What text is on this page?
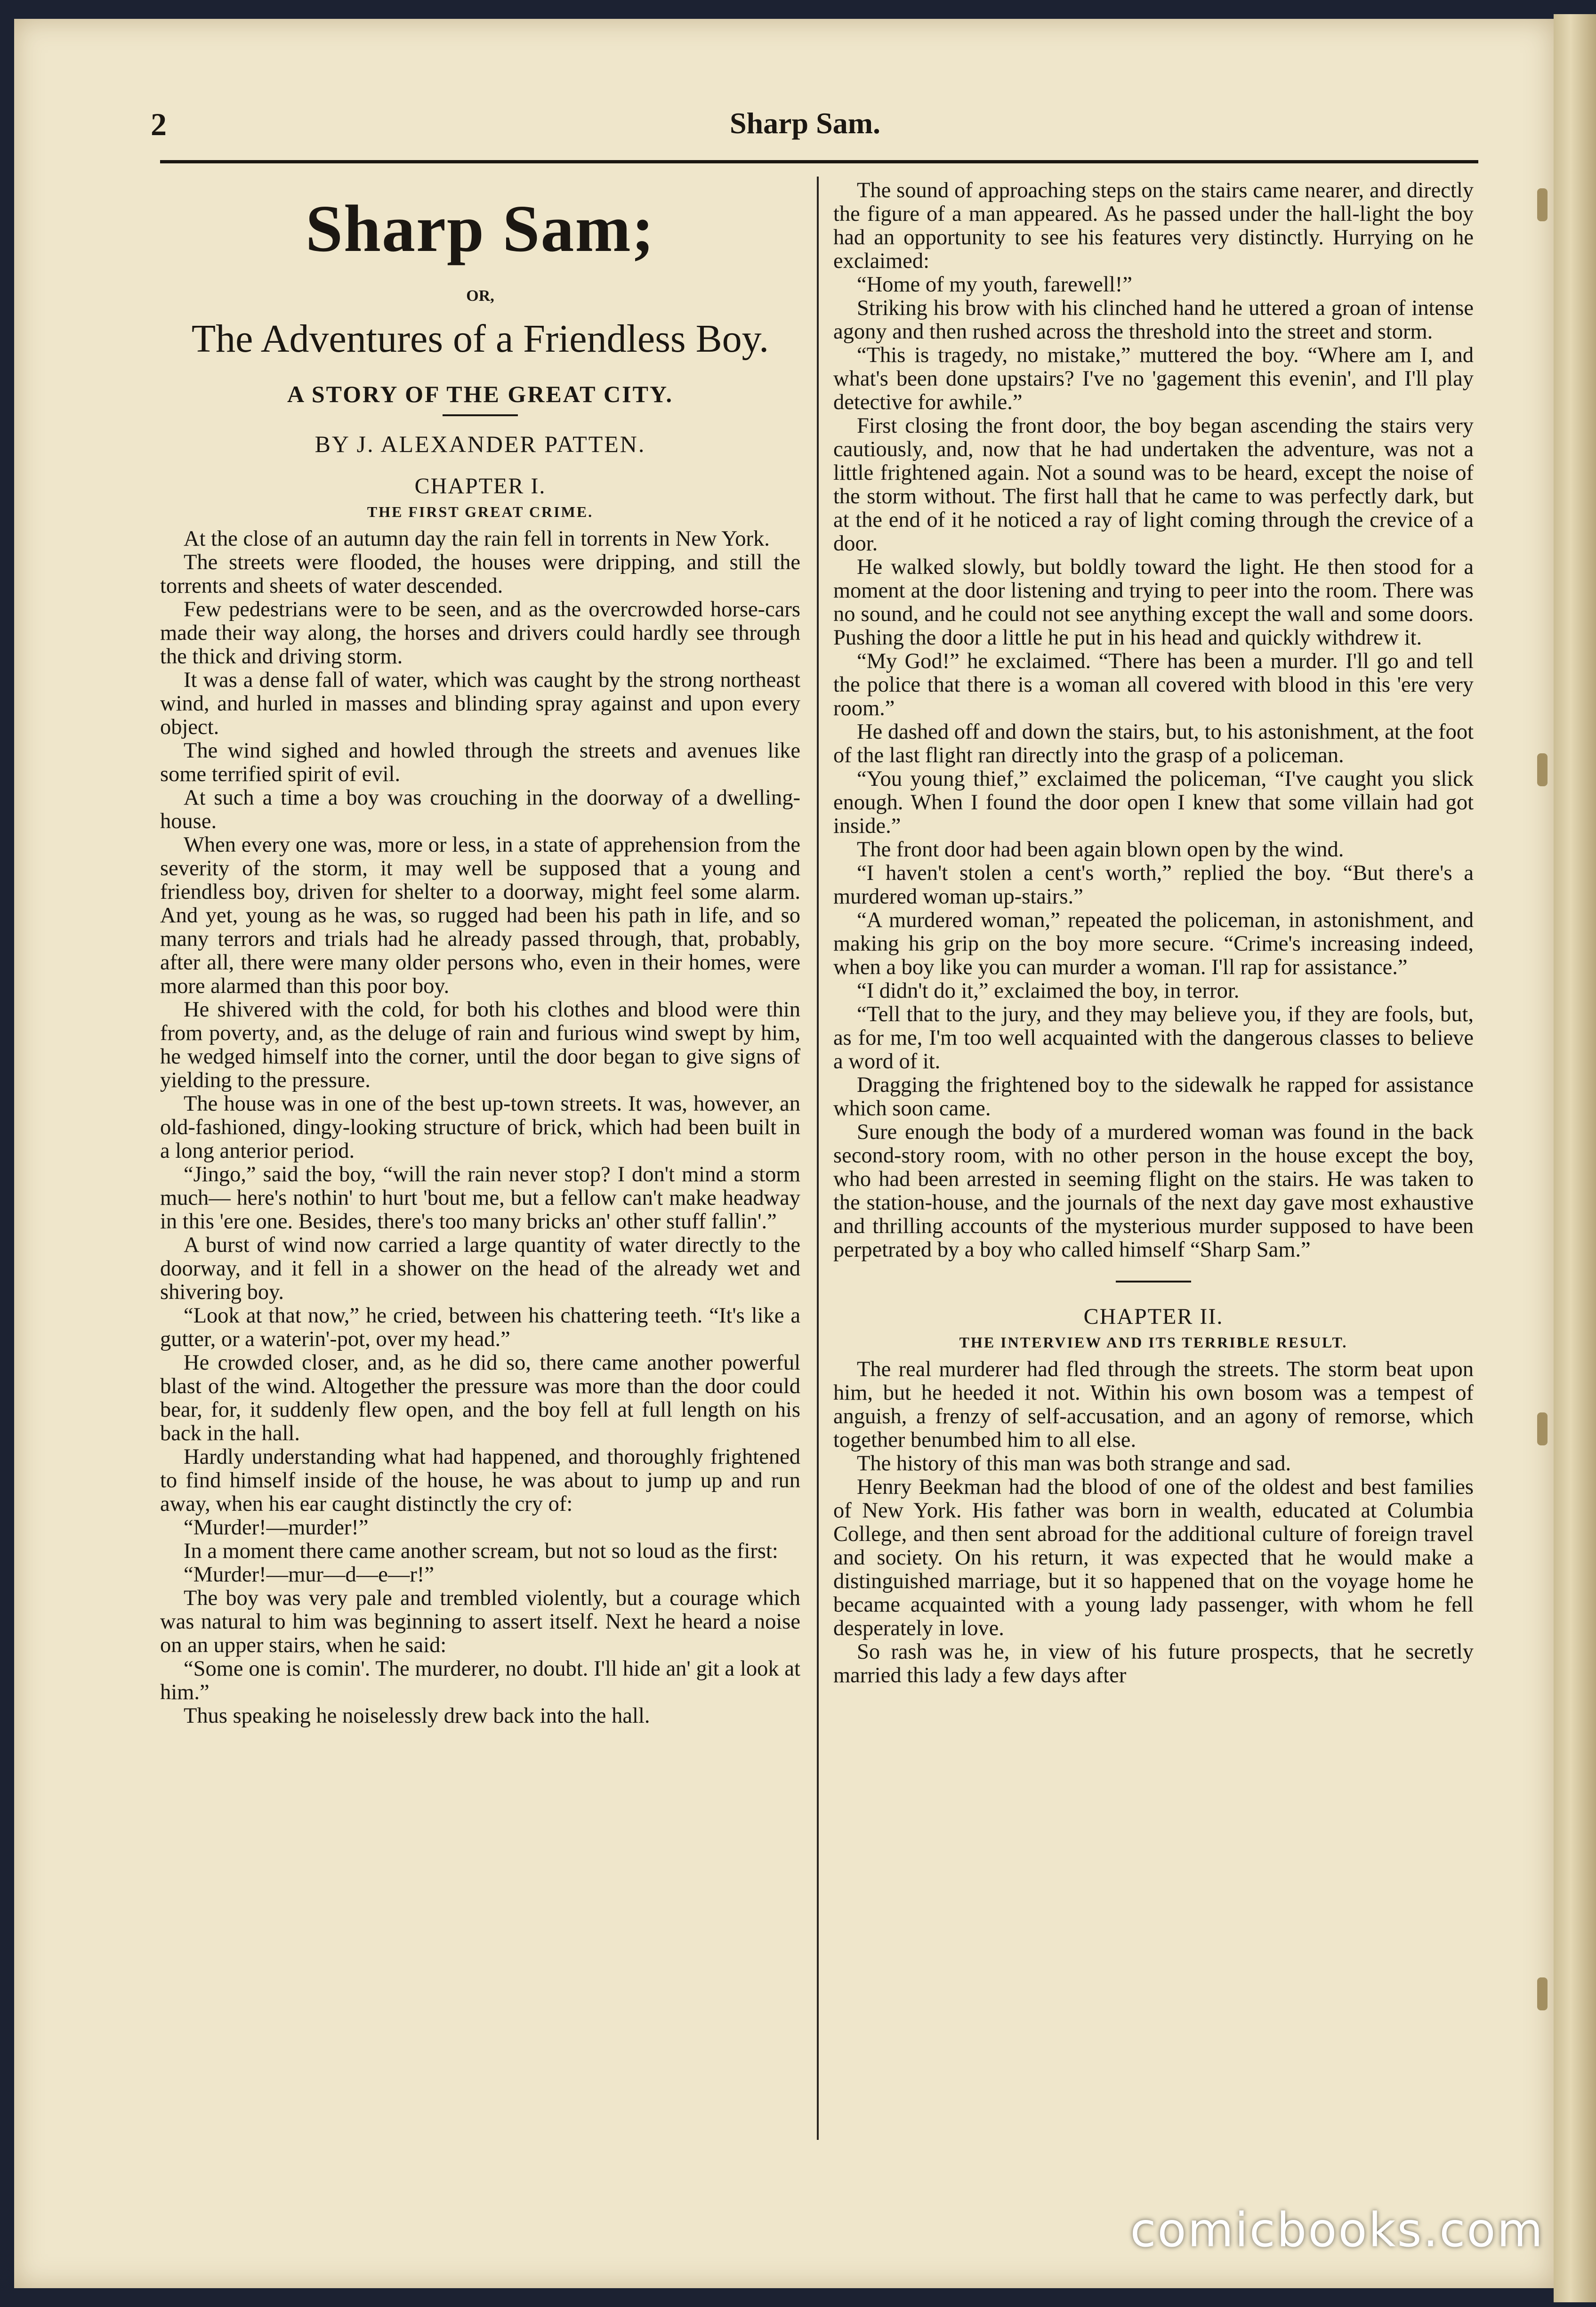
2	Sharp Sam.
Sharp Sam;
OR,
The Adventures of a Friendless Boy.
A STORY OF THE GREAT CITY.
BY J. ALEXANDER PATTEN.
CHAPTER I.
THE FIRST GREAT CRIME.

At the close of an autumn day the rain fell in torrents in New York.

The streets were flooded, the houses were dripping, and still the torrents and sheets of water descended.

Few pedestrians were to be seen, and as the overcrowded horse-cars made their way along, the horses and drivers could hardly see through the thick and driving storm.

It was a dense fall of water, which was caught by the strong northeast wind, and hurled in masses and blinding spray against and upon every object.

The wind sighed and howled through the streets and avenues like some terrified spirit of evil.

At such a time a boy was crouching in the doorway of a dwelling-house.

When every one was, more or less, in a state of apprehension from the severity of the storm, it may well be supposed that a young and friendless boy, driven for shelter to a doorway, might feel some alarm. And yet, young as he was, so rugged had been his path in life, and so many terrors and trials had he already passed through, that, probably, after all, there were many older persons who, even in their homes, were more alarmed than this poor boy.

He shivered with the cold, for both his clothes and blood were thin from poverty, and, as the deluge of rain and furious wind swept by him, he wedged himself into the corner, until the door began to give signs of yielding to the pressure.

The house was in one of the best up-town streets. It was, however, an old-fashioned, dingy-looking structure of brick, which had been built in a long anterior period.

“Jingo,” said the boy, “will the rain never stop? I don't mind a storm much— here's nothin' to hurt 'bout me, but a fellow can't make headway in this 'ere one. Besides, there's too many bricks an' other stuff fallin'.”

A burst of wind now carried a large quantity of water directly to the doorway, and it fell in a shower on the head of the already wet and shivering boy.

“Look at that now,” he cried, between his chattering teeth. “It's like a gutter, or a waterin'-pot, over my head.”

He crowded closer, and, as he did so, there came another powerful blast of the wind. Altogether the pressure was more than the door could bear, for, it suddenly flew open, and the boy fell at full length on his back in the hall.

Hardly understanding what had happened, and thoroughly frightened to find himself inside of the house, he was about to jump up and run away, when his ear caught distinctly the cry of:

“Murder!—murder!”

In a moment there came another scream, but not so loud as the first:

“Murder!—mur—d—e—r!”

The boy was very pale and trembled violently, but a courage which was natural to him was beginning to assert itself. Next he heard a noise on an upper stairs, when he said:

“Some one is comin'. The murderer, no doubt. I'll hide an' git a look at him.”

Thus speaking he noiselessly drew back into the hall.

The sound of approaching steps on the stairs came nearer, and directly the figure of a man appeared. As he passed under the hall-light the boy had an opportunity to see his features very distinctly. Hurrying on he exclaimed:

“Home of my youth, farewell!”

Striking his brow with his clinched hand he uttered a groan of intense agony and then rushed across the threshold into the street and storm.

“This is tragedy, no mistake,” muttered the boy. “Where am I, and what's been done upstairs? I've no 'gagement this evenin', and I'll play detective for awhile.”

First closing the front door, the boy began ascending the stairs very cautiously, and, now that he had undertaken the adventure, was not a little frightened again. Not a sound was to be heard, except the noise of the storm without. The first hall that he came to was perfectly dark, but at the end of it he noticed a ray of light coming through the crevice of a door.

He walked slowly, but boldly toward the light. He then stood for a moment at the door listening and trying to peer into the room. There was no sound, and he could not see anything except the wall and some doors. Pushing the door a little he put in his head and quickly withdrew it.

“My God!” he exclaimed. “There has been a murder. I'll go and tell the police that there is a woman all covered with blood in this 'ere very room.”

He dashed off and down the stairs, but, to his astonishment, at the foot of the last flight ran directly into the grasp of a policeman.

“You young thief,” exclaimed the policeman, “I've caught you slick enough. When I found the door open I knew that some villain had got inside.”

The front door had been again blown open by the wind.

“I haven't stolen a cent's worth,” replied the boy. “But there's a murdered woman up-stairs.”

“A murdered woman,” repeated the policeman, in astonishment, and making his grip on the boy more secure. “Crime's increasing indeed, when a boy like you can murder a woman. I'll rap for assistance.”

“I didn't do it,” exclaimed the boy, in terror.

“Tell that to the jury, and they may believe you, if they are fools, but, as for me, I'm too well acquainted with the dangerous classes to believe a word of it.

Dragging the frightened boy to the sidewalk he rapped for assistance which soon came.

Sure enough the body of a murdered woman was found in the back second-story room, with no other person in the house except the boy, who had been arrested in seeming flight on the stairs. He was taken to the station-house, and the journals of the next day gave most exhaustive and thrilling accounts of the mysterious murder supposed to have been perpetrated by a boy who called himself “Sharp Sam.”

CHAPTER II.
THE INTERVIEW AND ITS TERRIBLE RESULT.

The real murderer had fled through the streets. The storm beat upon him, but he heeded it not. Within his own bosom was a tempest of anguish, a frenzy of self-accusation, and an agony of remorse, which together benumbed him to all else.

The history of this man was both strange and sad.

Henry Beekman had the blood of one of the oldest and best families of New York. His father was born in wealth, educated at Columbia College, and then sent abroad for the additional culture of foreign travel and society. On his return, it was expected that he would make a distinguished marriage, but it so happened that on the voyage home he became acquainted with a young lady passenger, with whom he fell desperately in love.

So rash was he, in view of his future prospects, that he secretly married this lady a few days after

comicbooks.com
